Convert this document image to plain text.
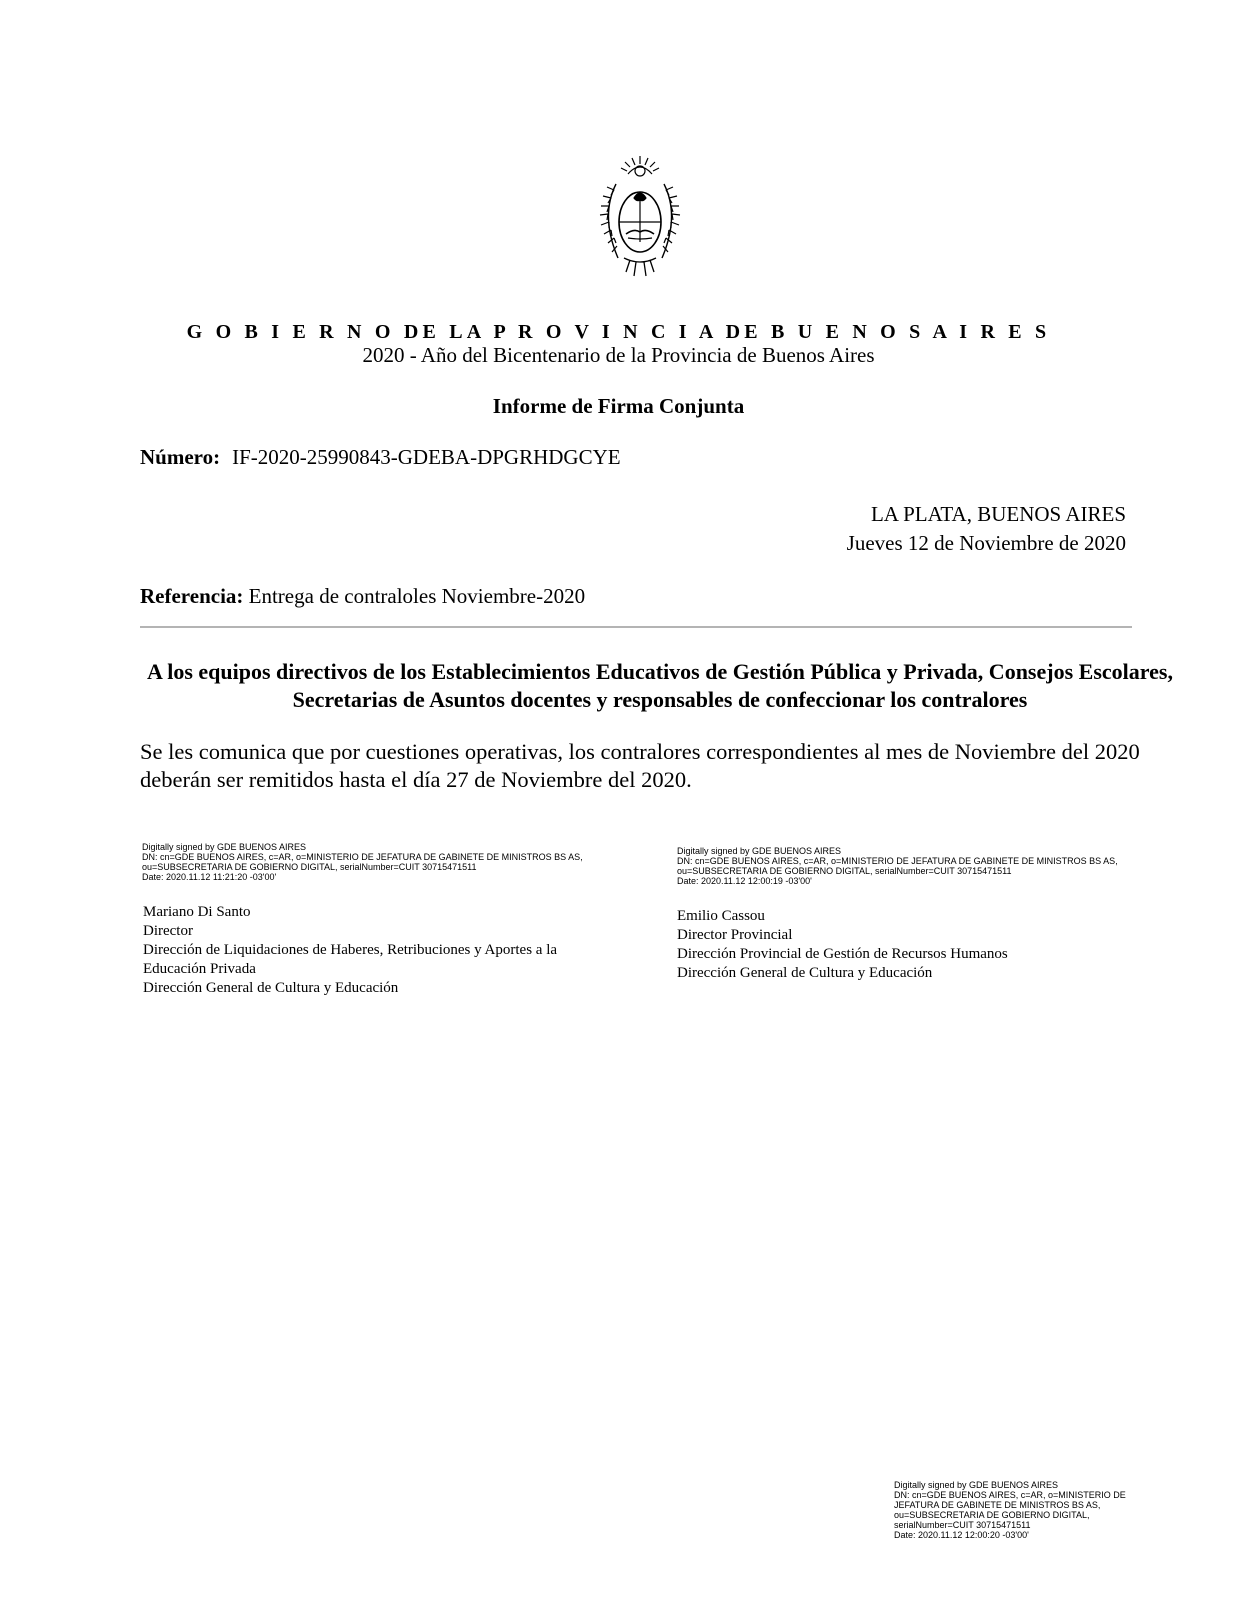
G O B I E R N O DE LA P R O V I N C I A DE B U E N O S A I R E S
2020 - Año del Bicentenario de la Provincia de Buenos Aires
Informe de Firma Conjunta
Número: IF-2020-25990843-GDEBA-DPGRHDGCYE
LA PLATA, BUENOS AIRES
Jueves 12 de Noviembre de 2020
Referencia: Entrega de contraloles Noviembre-2020
A los equipos directivos de los Establecimientos Educativos de Gestión Pública y Privada, Consejos Escolares, Secretarias de Asuntos docentes y responsables de confeccionar los contralores
Se les comunica que por cuestiones operativas, los contralores correspondientes al mes de Noviembre del 2020 deberán ser remitidos hasta el día 27 de Noviembre del 2020.
Digitally signed by GDE BUENOS AIRES
DN: cn=GDE BUENOS AIRES, c=AR, o=MINISTERIO DE JEFATURA DE GABINETE DE MINISTROS BS AS,
ou=SUBSECRETARIA DE GOBIERNO DIGITAL, serialNumber=CUIT 30715471511
Date: 2020.11.12 11:21:20 -03'00'
Mariano Di Santo
Director
Dirección de Liquidaciones de Haberes, Retribuciones y Aportes a la
Educación Privada
Dirección General de Cultura y Educación
Digitally signed by GDE BUENOS AIRES
DN: cn=GDE BUENOS AIRES, c=AR, o=MINISTERIO DE JEFATURA DE GABINETE DE MINISTROS BS AS,
ou=SUBSECRETARIA DE GOBIERNO DIGITAL, serialNumber=CUIT 30715471511
Date: 2020.11.12 12:00:19 -03'00'
Emilio Cassou
Director Provincial
Dirección Provincial de Gestión de Recursos Humanos
Dirección General de Cultura y Educación
Digitally signed by GDE BUENOS AIRES
DN: cn=GDE BUENOS AIRES, c=AR, o=MINISTERIO DE
JEFATURA DE GABINETE DE MINISTROS BS AS,
ou=SUBSECRETARIA DE GOBIERNO DIGITAL,
serialNumber=CUIT 30715471511
Date: 2020.11.12 12:00:20 -03'00'
